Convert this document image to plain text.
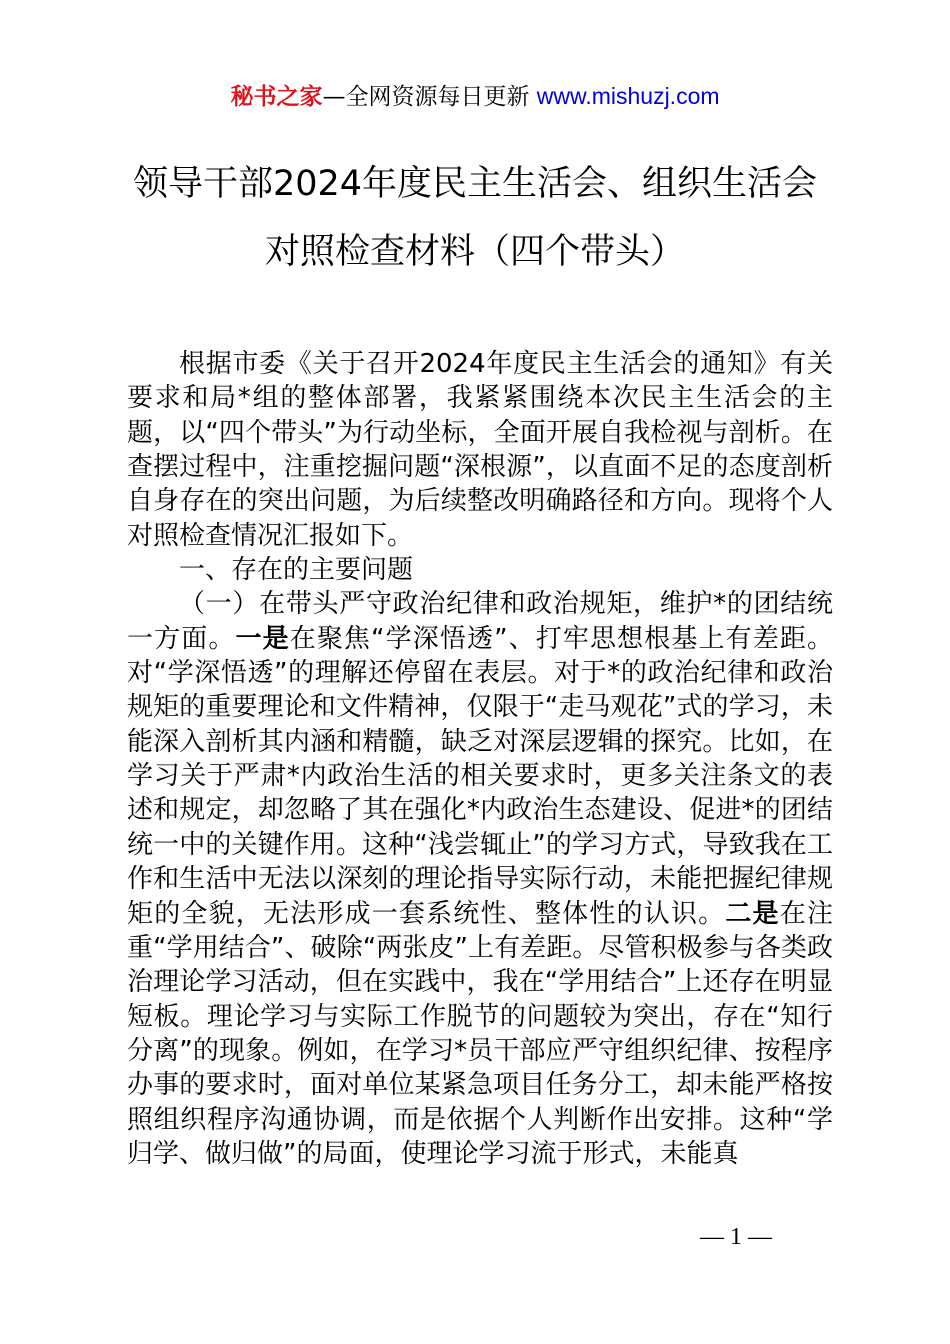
秘书之家—全网资源每日更新 www.mishuzj.com
领导干部2024年度民主生活会、组织生活会
对照检查材料（四个带头）

根据市委《关于召开2024年度民主生活会的通知》有关要求和局*组的整体部署，我紧紧围绕本次民主生活会的主题，以“四个带头”为行动坐标，全面开展自我检视与剖析。在查摆过程中，注重挖掘问题“深根源”，以直面不足的态度剖析自身存在的突出问题，为后续整改明确路径和方向。现将个人对照检查情况汇报如下。

一、存在的主要问题

（一）在带头严守政治纪律和政治规矩，维护*的团结统一方面。一是在聚焦“学深悟透”、打牢思想根基上有差距。对“学深悟透”的理解还停留在表层。对于*的政治纪律和政治规矩的重要理论和文件精神，仅限于“走马观花”式的学习，未能深入剖析其内涵和精髓，缺乏对深层逻辑的探究。比如，在学习关于严肃*内政治生活的相关要求时，更多关注条文的表述和规定，却忽略了其在强化*内政治生态建设、促进*的团结统一中的关键作用。这种“浅尝辄止”的学习方式，导致我在工作和生活中无法以深刻的理论指导实际行动，未能把握纪律规矩的全貌，无法形成一套系统性、整体性的认识。二是在注重“学用结合”、破除“两张皮”上有差距。尽管积极参与各类政治理论学习活动，但在实践中，我在“学用结合”上还存在明显短板。理论学习与实际工作脱节的问题较为突出，存在“知行分离”的现象。例如，在学习*员干部应严守组织纪律、按程序办事的要求时，面对单位某紧急项目任务分工，却未能严格按照组织程序沟通协调，而是依据个人判断作出安排。这种“学归学、做归做”的局面，使理论学习流于形式，未能真

— 1 —
